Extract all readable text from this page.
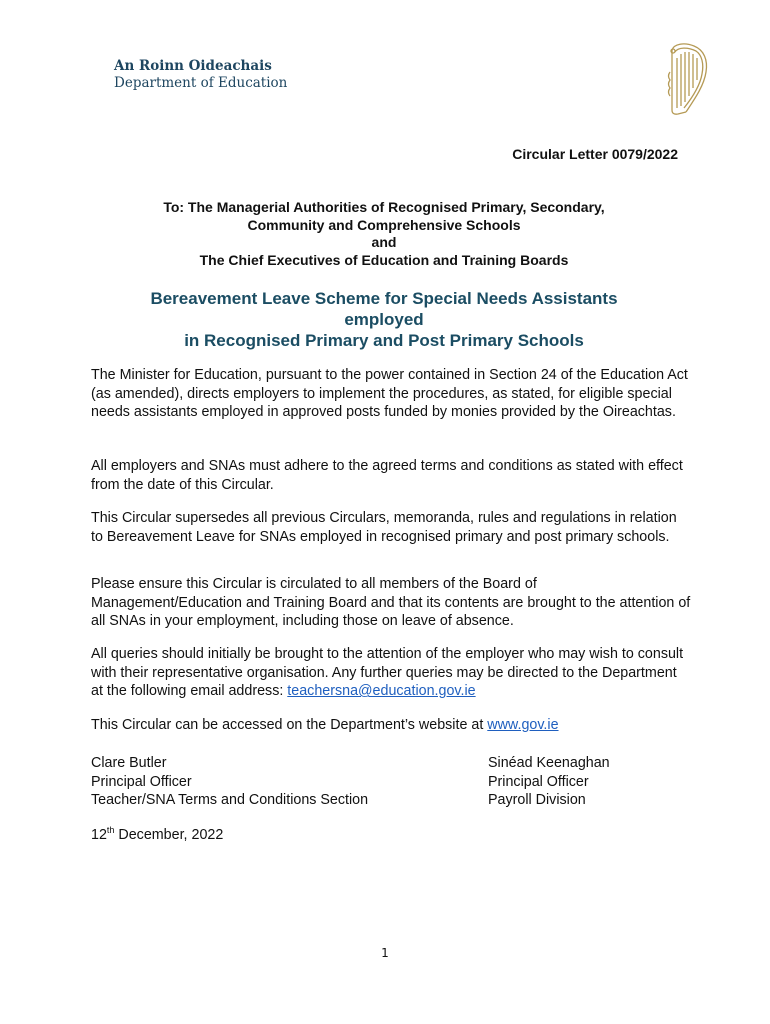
An Roinn Oideachais
Department of Education
Circular Letter 0079/2022
To: The Managerial Authorities of Recognised Primary, Secondary,
Community and Comprehensive Schools
and
The Chief Executives of Education and Training Boards
Bereavement Leave Scheme for Special Needs Assistants
employed
in Recognised Primary and Post Primary Schools
The Minister for Education, pursuant to the power contained in Section 24 of the Education Act (as amended), directs employers to implement the procedures, as stated, for eligible special needs assistants employed in approved posts funded by monies provided by the Oireachtas.
All employers and SNAs must adhere to the agreed terms and conditions as stated with effect from the date of this Circular.
This Circular supersedes all previous Circulars, memoranda, rules and regulations in relation to Bereavement Leave for SNAs employed in recognised primary and post primary schools.
Please ensure this Circular is circulated to all members of the Board of Management/Education and Training Board and that its contents are brought to the attention of all SNAs in your employment, including those on leave of absence.
All queries should initially be brought to the attention of the employer who may wish to consult with their representative organisation. Any further queries may be directed to the Department at the following email address: teachersna@education.gov.ie
This Circular can be accessed on the Department’s website at www.gov.ie
Clare Butler
Principal Officer
Teacher/SNA Terms and Conditions Section
Sinéad Keenaghan
Principal Officer
Payroll Division
12th December, 2022
1
